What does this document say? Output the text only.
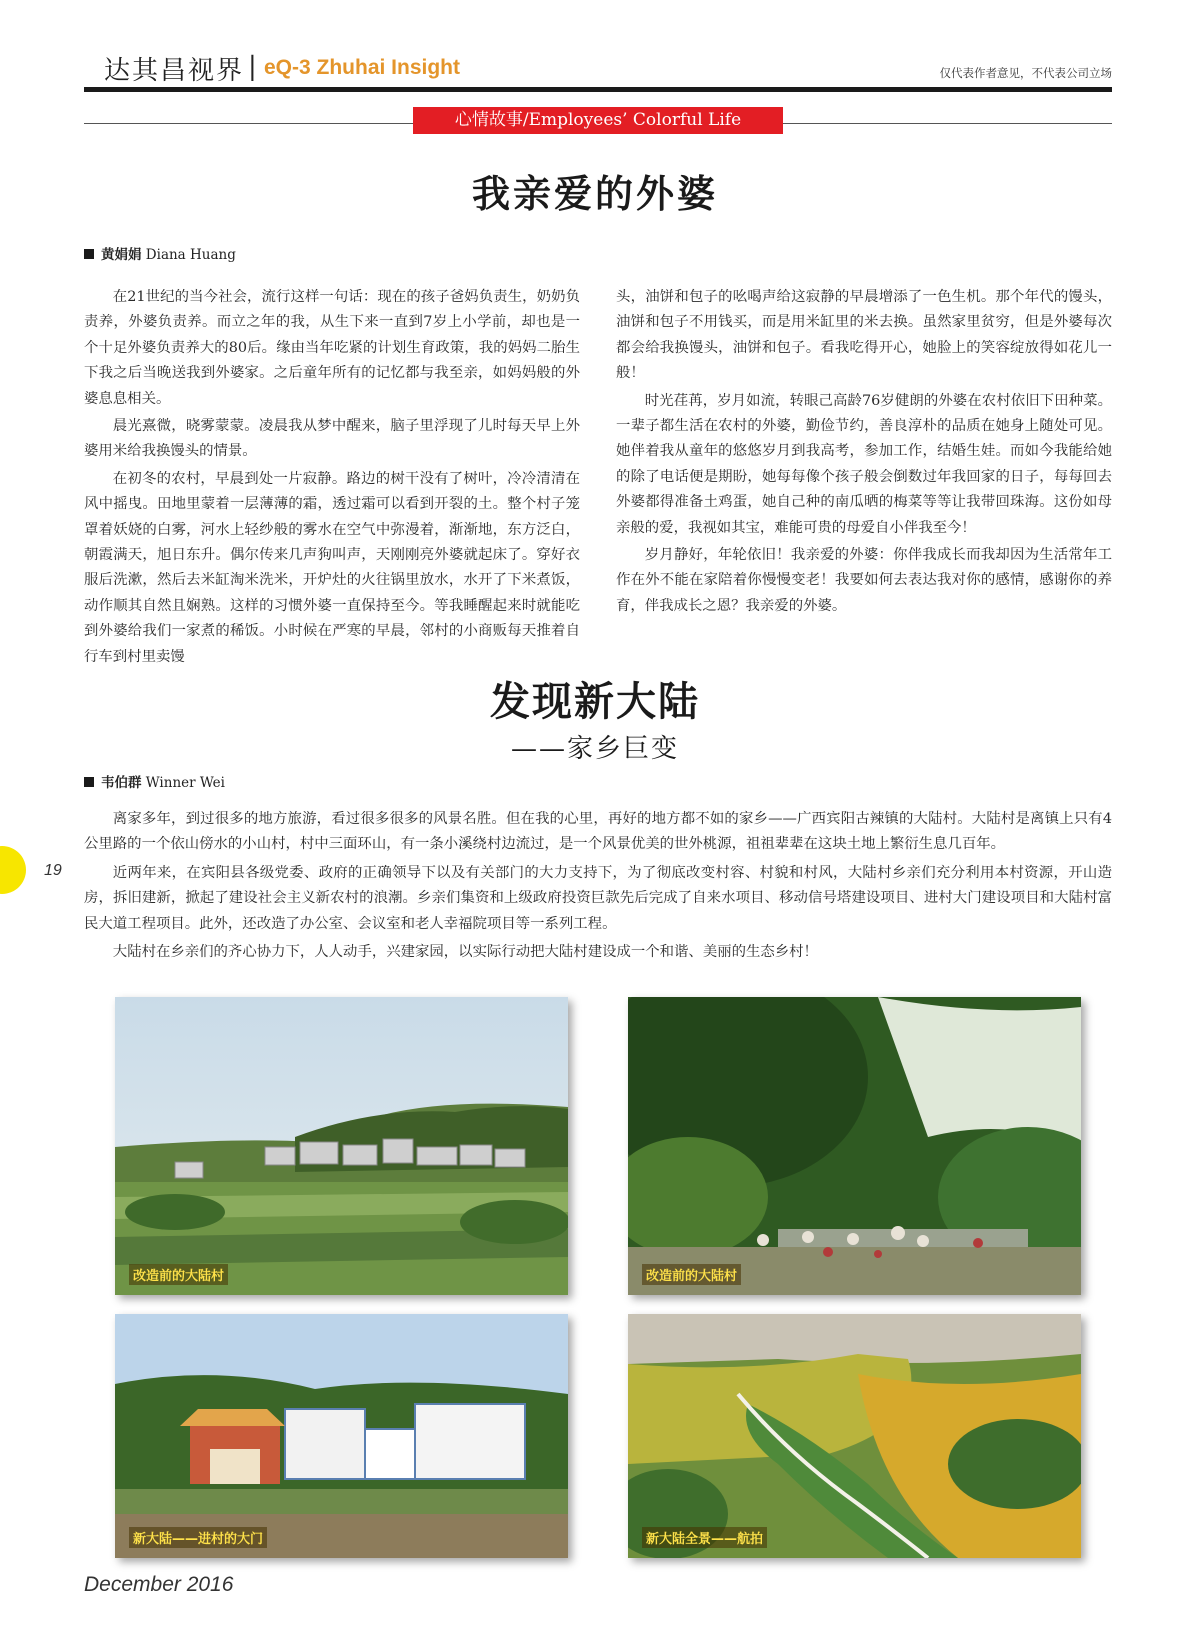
达其昌视界 | eQ-3 Zhuhai Insight	仅代表作者意见，不代表公司立场
心情故事/Employees’ Colorful Life
我亲爱的外婆
黄娟娟 Diana Huang

在21世纪的当今社会，流行这样一句话：现在的孩子爸妈负责生，奶奶负责养，外婆负责养。而立之年的我，从生下来一直到7岁上小学前，却也是一个十足外婆负责养大的80后。缘由当年吃紧的计划生育政策，我的妈妈二胎生下我之后当晚送我到外婆家。之后童年所有的记忆都与我至亲，如妈妈般的外婆息息相关。

晨光熹微，晓雾蒙蒙。凌晨我从梦中醒来，脑子里浮现了儿时每天早上外婆用米给我换馒头的情景。

在初冬的农村，早晨到处一片寂静。路边的树干没有了树叶，冷冷清清在风中摇曳。田地里蒙着一层薄薄的霜，透过霜可以看到开裂的土。整个村子笼罩着妖娆的白雾，河水上轻纱般的雾水在空气中弥漫着，渐渐地，东方泛白，朝霞满天，旭日东升。偶尔传来几声狗叫声，天刚刚亮外婆就起床了。穿好衣服后洗漱，然后去米缸淘米洗米，开炉灶的火往锅里放水，水开了下米煮饭，动作顺其自然且娴熟。这样的习惯外婆一直保持至今。等我睡醒起来时就能吃到外婆给我们一家煮的稀饭。小时候在严寒的早晨，邻村的小商贩每天推着自行车到村里卖馒

头，油饼和包子的吆喝声给这寂静的早晨增添了一色生机。那个年代的馒头，油饼和包子不用钱买，而是用米缸里的米去换。虽然家里贫穷，但是外婆每次都会给我换馒头，油饼和包子。看我吃得开心，她脸上的笑容绽放得如花儿一般！

时光荏苒，岁月如流，转眼己高龄76岁健朗的外婆在农村依旧下田种菜。一辈子都生活在农村的外婆，勤俭节约，善良淳朴的品质在她身上随处可见。她伴着我从童年的悠悠岁月到我高考，参加工作，结婚生娃。而如今我能给她的除了电话便是期盼，她每每像个孩子般会倒数过年我回家的日子，每每回去外婆都得准备土鸡蛋，她自己种的南瓜晒的梅菜等等让我带回珠海。这份如母亲般的爱，我视如其宝，难能可贵的母爱自小伴我至今！

岁月静好，年轮依旧！我亲爱的外婆：你伴我成长而我却因为生活常年工作在外不能在家陪着你慢慢变老！我要如何去表达我对你的感情，感谢你的养育，伴我成长之恩？我亲爱的外婆。

发现新大陆
——家乡巨变
韦伯群 Winner Wei

离家多年，到过很多的地方旅游，看过很多很多的风景名胜。但在我的心里，再好的地方都不如的家乡——广西宾阳古辣镇的大陆村。大陆村是离镇上只有4公里路的一个依山傍水的小山村，村中三面环山，有一条小溪绕村边流过，是一个风景优美的世外桃源，祖祖辈辈在这块土地上繁衍生息几百年。

近两年来，在宾阳县各级党委、政府的正确领导下以及有关部门的大力支持下，为了彻底改变村容、村貌和村风，大陆村乡亲们充分利用本村资源，开山造房，拆旧建新，掀起了建设社会主义新农村的浪潮。乡亲们集资和上级政府投资巨款先后完成了自来水项目、移动信号塔建设项目、进村大门建设项目和大陆村富民大道工程项目。此外，还改造了办公室、会议室和老人幸福院项目等一系列工程。

大陆村在乡亲们的齐心协力下，人人动手，兴建家园，以实际行动把大陆村建设成一个和谐、美丽的生态乡村！

19
改造前的大陆村	改造前的大陆村
新大陆——进村的大门	新大陆全景——航拍
December 2016
